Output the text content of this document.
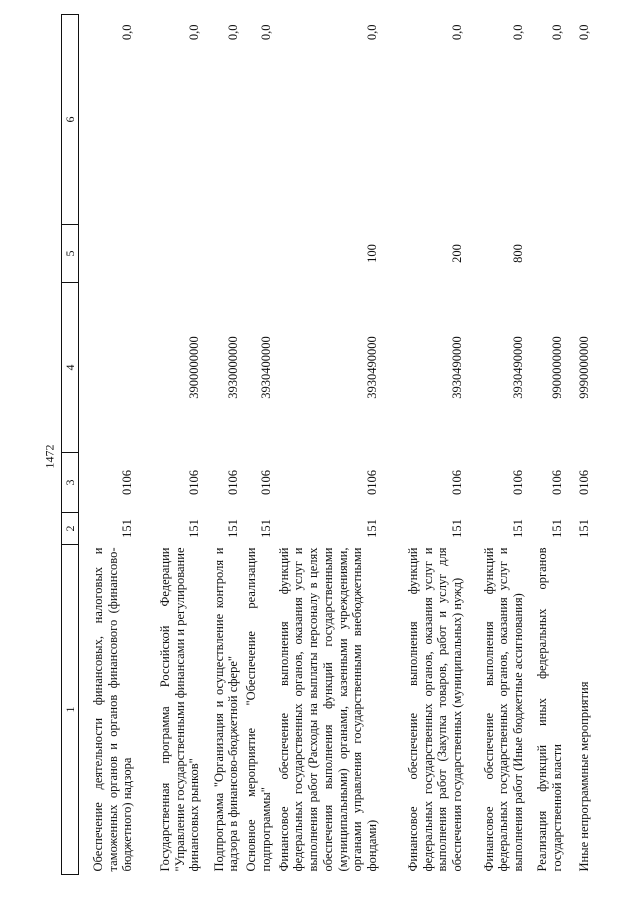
1472
1	2	3	4	5	6
Обеспечение деятельности финансовых, налоговых и таможенных органов и органов финансового (финансово-бюджетного) надзора	151	0106			0,0
Государственная программа Российской Федерации "Управление государственными финансами и регулирование финансовых рынков"	151	0106	3900000000		0,0
Подпрограмма "Организация и осуществление контроля и надзора в финансово-бюджетной сфере"	151	0106	3930000000		0,0
Основное мероприятие "Обеспечение реализации подпрограммы"	151	0106	3930400000		0,0
Финансовое обеспечение выполнения функций федеральных государственных органов, оказания услуг и выполнения работ (Расходы на выплаты персоналу в целях обеспечения выполнения функций государственными (муниципальными) органами, казенными учреждениями, органами управления государственными внебюджетными фондами)	151	0106	3930490000	100	0,0
Финансовое обеспечение выполнения функций федеральных государственных органов, оказания услуг и выполнения работ (Закупка товаров, работ и услуг для обеспечения государственных (муниципальных) нужд)	151	0106	3930490000	200	0,0
Финансовое обеспечение выполнения функций федеральных государственных органов, оказания услуг и выполнения работ (Иные бюджетные ассигнования)	151	0106	3930490000	800	0,0
Реализация функций иных федеральных органов государственной власти	151	0106	9900000000		0,0
Иные непрограммные мероприятия	151	0106	9990000000		0,0
